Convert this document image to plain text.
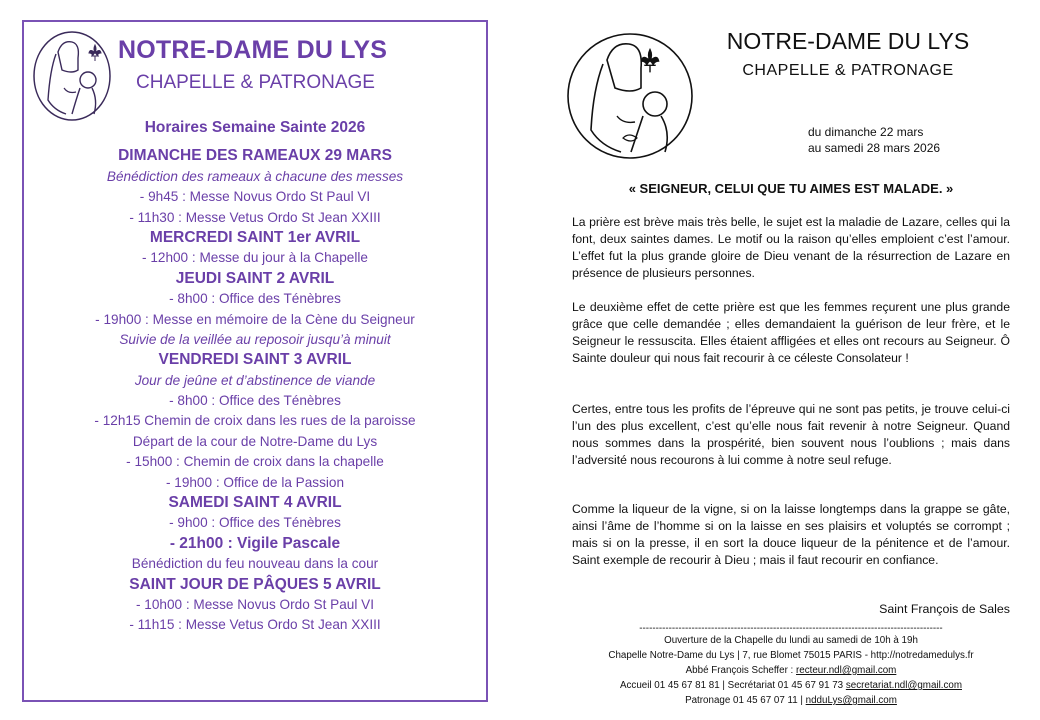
NOTRE-DAME DU LYS
CHAPELLE & PATRONAGE
Horaires Semaine Sainte 2026
DIMANCHE DES RAMEAUX 29 MARS
Bénédiction des rameaux à chacune des messes
- 9h45 : Messe Novus Ordo St Paul VI
- 11h30 : Messe Vetus Ordo St Jean XXIII
MERCREDI SAINT 1er AVRIL
- 12h00 : Messe du jour à la Chapelle
JEUDI SAINT 2 AVRIL
- 8h00 : Office des Ténèbres
- 19h00 : Messe en mémoire de la Cène du Seigneur
Suivie de la veillée au reposoir jusqu’à minuit
VENDREDI SAINT 3 AVRIL
Jour de jeûne et d’abstinence de viande
- 8h00 : Office des Ténèbres
- 12h15 Chemin de croix dans les rues de la paroisse
Départ de la cour de Notre-Dame du Lys
- 15h00 : Chemin de croix dans la chapelle
- 19h00 : Office de la Passion
SAMEDI SAINT 4 AVRIL
- 9h00 : Office des Ténèbres
- 21h00 : Vigile Pascale
Bénédiction du feu nouveau dans la cour
SAINT JOUR DE PÂQUES 5 AVRIL
- 10h00 : Messe Novus Ordo St Paul VI
- 11h15 : Messe Vetus Ordo St Jean XXIII
NOTRE-DAME DU LYS
CHAPELLE & PATRONAGE
du dimanche 22 mars
au samedi 28 mars 2026
« SEIGNEUR, CELUI QUE TU AIMES EST MALADE. »

La prière est brève mais très belle, le sujet est la maladie de Lazare, celles qui la font, deux saintes dames. Le motif ou la raison qu’elles emploient c’est l’amour. L’effet fut la plus grande gloire de Dieu venant de la résurrection de Lazare en présence de plusieurs personnes.

Le deuxième effet de cette prière est que les femmes reçurent une plus grande grâce que celle demandée ; elles demandaient la guérison de leur frère, et le Seigneur le ressuscita. Elles étaient affligées et elles ont recours au Seigneur. Ô Sainte douleur qui nous fait recourir à ce céleste Consolateur !

Certes, entre tous les profits de l’épreuve qui ne sont pas petits, je trouve celui-ci l’un des plus excellent, c’est qu’elle nous fait revenir à notre Seigneur. Quand nous sommes dans la prospérité, bien souvent nous l’oublions ; mais dans l’adversité nous recourons à lui comme à notre seul refuge.

Comme la liqueur de la vigne, si on la laisse longtemps dans la grappe se gâte, ainsi l’âme de l’homme si on la laisse en ses plaisirs et voluptés se corrompt ; mais si on la presse, il en sort la douce liqueur de la pénitence et de l’amour. Saint exemple de recourir à Dieu ; mais il faut recourir en confiance.

Saint François de Sales
---------------------------------------------------------------------------------------------
Ouverture de la Chapelle du lundi au samedi de 10h à 19h
Chapelle Notre-Dame du Lys | 7, rue Blomet 75015 PARIS - http://notredamedulys.fr
Abbé François Scheffer : recteur.ndl@gmail.com
Accueil 01 45 67 81 81 | Secrétariat 01 45 67 91 73 secretariat.ndl@gmail.com
Patronage 01 45 67 07 11 | ndduLys@gmail.com
